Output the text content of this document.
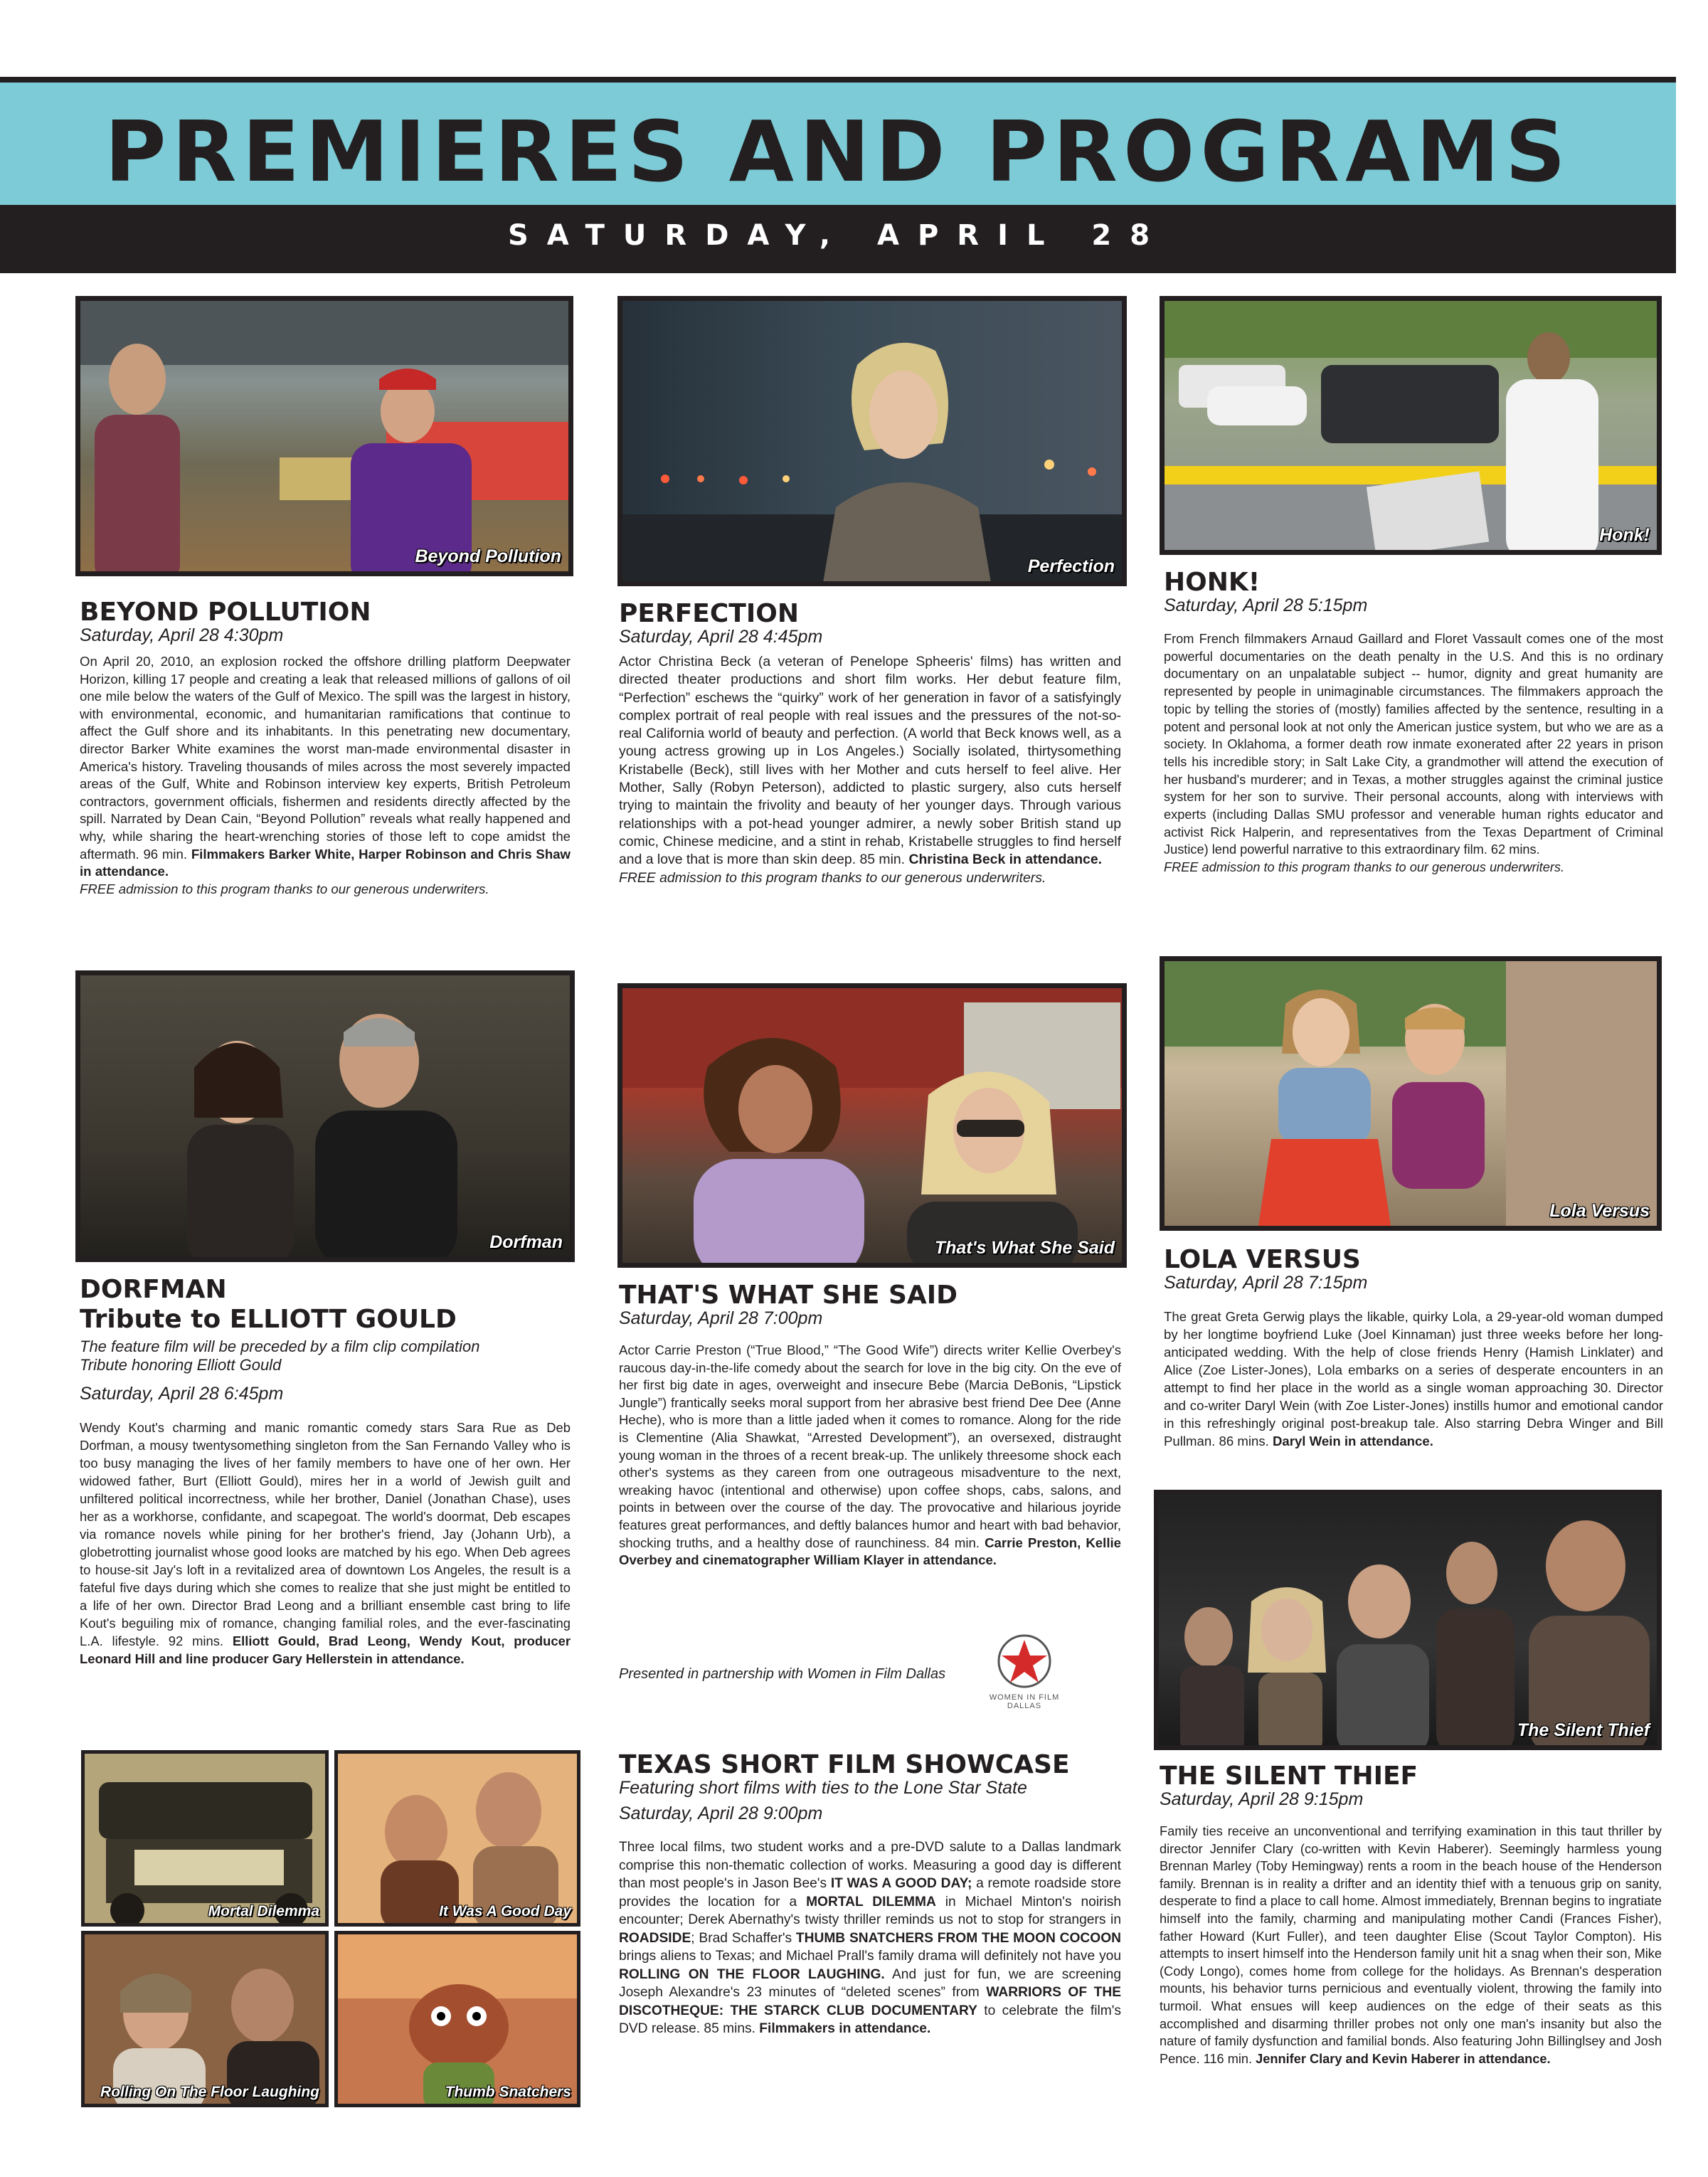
PREMIERES AND PROGRAMS
SATURDAY, APRIL 28
Beyond Pollution
BEYOND POLLUTION
Saturday, April 28 4:30pm
On April 20, 2010, an explosion rocked the offshore drilling platform Deepwater Horizon, killing 17 people and creating a leak that released millions of gallons of oil one mile below the waters of the Gulf of Mexico. The spill was the largest in history, with environmental, economic, and humanitarian ramifications that continue to affect the Gulf shore and its inhabitants. In this penetrating new documentary, director Barker White examines the worst man-made environmental disaster in America's history. Traveling thousands of miles across the most severely impacted areas of the Gulf, White and Robinson interview key experts, British Petroleum contractors, government officials, fishermen and residents directly affected by the spill. Narrated by Dean Cain, “Beyond Pollution” reveals what really happened and why, while sharing the heart-wrenching stories of those left to cope amidst the aftermath. 96 min. Filmmakers Barker White, Harper Robinson and Chris Shaw in attendance.
FREE admission to this program thanks to our generous underwriters.
Perfection
PERFECTION
Saturday, April 28 4:45pm
Actor Christina Beck (a veteran of Penelope Spheeris' films) has written and directed theater productions and short film works. Her debut feature film, “Perfection” eschews the “quirky” work of her generation in favor of a satisfyingly complex portrait of real people with real issues and the pressures of the not-so-real California world of beauty and perfection. (A world that Beck knows well, as a young actress growing up in Los Angeles.) Socially isolated, thirtysomething Kristabelle (Beck), still lives with her Mother and cuts herself to feel alive. Her Mother, Sally (Robyn Peterson), addicted to plastic surgery, also cuts herself trying to maintain the frivolity and beauty of her younger days. Through various relationships with a pot-head younger admirer, a newly sober British stand up comic, Chinese medicine, and a stint in rehab, Kristabelle struggles to find herself and a love that is more than skin deep. 85 min. Christina Beck in attendance.
FREE admission to this program thanks to our generous underwriters.
Honk!
HONK!
Saturday, April 28 5:15pm
From French filmmakers Arnaud Gaillard and Floret Vassault comes one of the most powerful documentaries on the death penalty in the U.S. And this is no ordinary documentary on an unpalatable subject -- humor, dignity and great humanity are represented by people in unimaginable circumstances. The filmmakers approach the topic by telling the stories of (mostly) families affected by the sentence, resulting in a potent and personal look at not only the American justice system, but who we are as a society. In Oklahoma, a former death row inmate exonerated after 22 years in prison tells his incredible story; in Salt Lake City, a grandmother will attend the execution of her husband's murderer; and in Texas, a mother struggles against the criminal justice system for her son to survive. Their personal accounts, along with interviews with experts (including Dallas SMU professor and venerable human rights educator and activist Rick Halperin, and representatives from the Texas Department of Criminal Justice) lend powerful narrative to this extraordinary film. 62 mins.
FREE admission to this program thanks to our generous underwriters.
Dorfman
DORFMAN
Tribute to ELLIOTT GOULD
The feature film will be preceded by a film clip compilation
Tribute honoring Elliott Gould
Saturday, April 28 6:45pm
Wendy Kout's charming and manic romantic comedy stars Sara Rue as Deb Dorfman, a mousy twentysomething singleton from the San Fernando Valley who is too busy managing the lives of her family members to have one of her own. Her widowed father, Burt (Elliott Gould), mires her in a world of Jewish guilt and unfiltered political incorrectness, while her brother, Daniel (Jonathan Chase), uses her as a workhorse, confidante, and scapegoat. The world's doormat, Deb escapes via romance novels while pining for her brother's friend, Jay (Johann Urb), a globetrotting journalist whose good looks are matched by his ego. When Deb agrees to house-sit Jay's loft in a revitalized area of downtown Los Angeles, the result is a fateful five days during which she comes to realize that she just might be entitled to a life of her own. Director Brad Leong and a brilliant ensemble cast bring to life Kout's beguiling mix of romance, changing familial roles, and the ever-fascinating L.A. lifestyle. 92 mins. Elliott Gould, Brad Leong, Wendy Kout, producer Leonard Hill and line producer Gary Hellerstein in attendance.
That's What She Said
THAT'S WHAT SHE SAID
Saturday, April 28 7:00pm
Actor Carrie Preston (“True Blood,” “The Good Wife”) directs writer Kellie Overbey's raucous day-in-the-life comedy about the search for love in the big city. On the eve of her first big date in ages, overweight and insecure Bebe (Marcia DeBonis, “Lipstick Jungle”) frantically seeks moral support from her abrasive best friend Dee Dee (Anne Heche), who is more than a little jaded when it comes to romance. Along for the ride is Clementine (Alia Shawkat, “Arrested Development”), an oversexed, distraught young woman in the throes of a recent break-up. The unlikely threesome shock each other's systems as they careen from one outrageous misadventure to the next, wreaking havoc (intentional and otherwise) upon coffee shops, cabs, salons, and points in between over the course of the day. The provocative and hilarious joyride features great performances, and deftly balances humor and heart with bad behavior, shocking truths, and a healthy dose of raunchiness. 84 min. Carrie Preston, Kellie Overbey and cinematographer William Klayer in attendance.
Presented in partnership with Women in Film Dallas
WOMEN IN FILM
DALLAS
Lola Versus
LOLA VERSUS
Saturday, April 28 7:15pm
The great Greta Gerwig plays the likable, quirky Lola, a 29-year-old woman dumped by her longtime boyfriend Luke (Joel Kinnaman) just three weeks before her long-anticipated wedding. With the help of close friends Henry (Hamish Linklater) and Alice (Zoe Lister-Jones), Lola embarks on a series of desperate encounters in an attempt to find her place in the world as a single woman approaching 30. Director and co-writer Daryl Wein (with Zoe Lister-Jones) instills humor and emotional candor in this refreshingly original post-breakup tale. Also starring Debra Winger and Bill Pullman. 86 mins. Daryl Wein in attendance.
Mortal Dilemma	It Was A Good Day
Rolling On The Floor Laughing	Thumb Snatchers
TEXAS SHORT FILM SHOWCASE
Featuring short films with ties to the Lone Star State
Saturday, April 28 9:00pm
Three local films, two student works and a pre-DVD salute to a Dallas landmark comprise this non-thematic collection of works. Measuring a good day is different than most people's in Jason Bee's IT WAS A GOOD DAY; a remote roadside store provides the location for a MORTAL DILEMMA in Michael Minton's noirish encounter; Derek Abernathy's twisty thriller reminds us not to stop for strangers in ROADSIDE; Brad Schaffer's THUMB SNATCHERS FROM THE MOON COCOON brings aliens to Texas; and Michael Prall's family drama will definitely not have you ROLLING ON THE FLOOR LAUGHING. And just for fun, we are screening Joseph Alexandre's 23 minutes of “deleted scenes” from WARRIORS OF THE DISCOTHEQUE: THE STARCK CLUB DOCUMENTARY to celebrate the film's DVD release. 85 mins. Filmmakers in attendance.
The Silent Thief
THE SILENT THIEF
Saturday, April 28 9:15pm
Family ties receive an unconventional and terrifying examination in this taut thriller by director Jennifer Clary (co-written with Kevin Haberer). Seemingly harmless young Brennan Marley (Toby Hemingway) rents a room in the beach house of the Henderson family. Brennan is in reality a drifter and an identity thief with a tenuous grip on sanity, desperate to find a place to call home. Almost immediately, Brennan begins to ingratiate himself into the family, charming and manipulating mother Candi (Frances Fisher), father Howard (Kurt Fuller), and teen daughter Elise (Scout Taylor Compton). His attempts to insert himself into the Henderson family unit hit a snag when their son, Mike (Cody Longo), comes home from college for the holidays. As Brennan's desperation mounts, his behavior turns pernicious and eventually violent, throwing the family into turmoil. What ensues will keep audiences on the edge of their seats as this accomplished and disarming thriller probes not only one man's insanity but also the nature of family dysfunction and familial bonds. Also featuring John Billinglsey and Josh Pence. 116 min. Jennifer Clary and Kevin Haberer in attendance.
